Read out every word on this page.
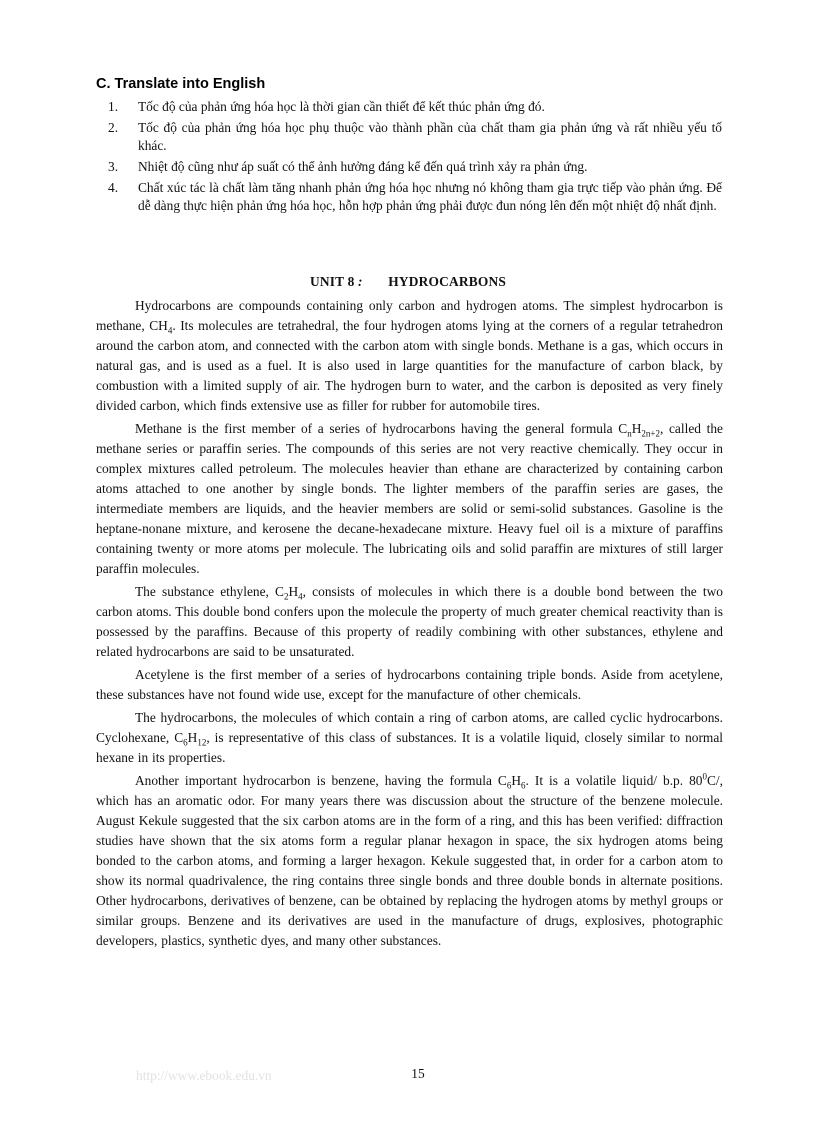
C. Translate into English
1. Tốc độ của phản ứng hóa học là thời gian cần thiết để kết thúc phản ứng đó.
2. Tốc độ của phản ứng hóa học phụ thuộc vào thành phần của chất tham gia phản ứng và rất nhiều yếu tố khác.
3. Nhiệt độ cũng như áp suất có thể ảnh hưởng đáng kể đến quá trình xảy ra phản ứng.
4. Chất xúc tác là chất làm tăng nhanh phản ứng hóa học nhưng nó không tham gia trực tiếp vào phản ứng. Để dễ dàng thực hiện phản ứng hóa học, hỗn hợp phản ứng phải được đun nóng lên đến một nhiệt độ nhất định.
UNIT 8 : HYDROCARBONS

Hydrocarbons are compounds containing only carbon and hydrogen atoms. The simplest hydrocarbon is methane, $CH_4$. Its molecules are tetrahedral, the four hydrogen atoms lying at the corners of a regular tetrahedron around the carbon atom, and connected with the carbon atom with single bonds. Methane is a gas, which occurs in natural gas, and is used as a fuel. It is also used in large quantities for the manufacture of carbon black, by combustion with a limited supply of air. The hydrogen burn to water, and the carbon is deposited as very finely divided carbon, which finds extensive use as filler for rubber for automobile tires.

Methane is the first member of a series of hydrocarbons having the general formula $C_nH_{2n+2}$, called the methane series or paraffin series. The compounds of this series are not very reactive chemically. They occur in complex mixtures called petroleum. The molecules heavier than ethane are characterized by containing carbon atoms attached to one another by single bonds. The lighter members of the paraffin series are gases, the intermediate members are liquids, and the heavier members are solid or semi-solid substances. Gasoline is the heptane-nonane mixture, and kerosene the decane-hexadecane mixture. Heavy fuel oil is a mixture of paraffins containing twenty or more atoms per molecule. The lubricating oils and solid paraffin are mixtures of still larger paraffin molecules.

The substance ethylene, $C_2H_4$, consists of molecules in which there is a double bond between the two carbon atoms. This double bond confers upon the molecule the property of much greater chemical reactivity than is possessed by the paraffins. Because of this property of readily combining with other substances, ethylene and related hydrocarbons are said to be unsaturated.

Acetylene is the first member of a series of hydrocarbons containing triple bonds. Aside from acetylene, these substances have not found wide use, except for the manufacture of other chemicals.

The hydrocarbons, the molecules of which contain a ring of carbon atoms, are called cyclic hydrocarbons. Cyclohexane, $C_6H_{12}$, is representative of this class of substances. It is a volatile liquid, closely similar to normal hexane in its properties.

Another important hydrocarbon is benzene, having the formula $C_6H_6$. It is a volatile liquid/ b.p. $80^0C/$, which has an aromatic odor. For many years there was discussion about the structure of the benzene molecule. August Kekule suggested that the six carbon atoms are in the form of a ring, and this has been verified: diffraction studies have shown that the six atoms form a regular planar hexagon in space, the six hydrogen atoms being bonded to the carbon atoms, and forming a larger hexagon. Kekule suggested that, in order for a carbon atom to show its normal quadrivalence, the ring contains three single bonds and three double bonds in alternate positions. Other hydrocarbons, derivatives of benzene, can be obtained by replacing the hydrogen atoms by methyl groups or similar groups. Benzene and its derivatives are used in the manufacture of drugs, explosives, photographic developers, plastics, synthetic dyes, and many other substances.

http://www.ebook.edu.vn	15
